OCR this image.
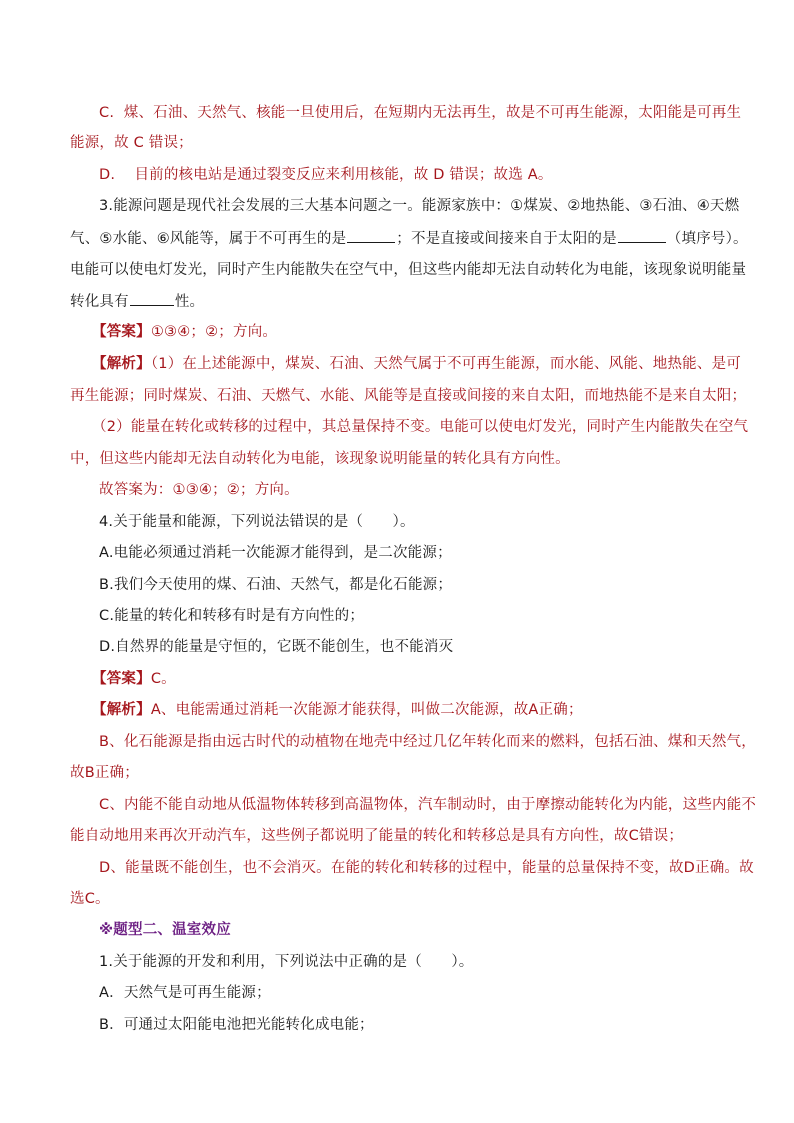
C. 煤、石油、天然气、核能一旦使用后，在短期内无法再生，故是不可再生能源，太阳能是可再生
能源，故 C 错误；
D. 目前的核电站是通过裂变反应来利用核能，故 D 错误；故选 A。
3.能源问题是现代社会发展的三大基本问题之一。能源家族中：①煤炭、②地热能、③石油、④天燃
气、⑤水能、⑥风能等，属于不可再生的是	；不是直接或间接来自于太阳的是	（填序号）。
电能可以使电灯发光，同时产生内能散失在空气中，但这些内能却无法自动转化为电能，该现象说明能量
转化具有	性。
【答案】①③④；②；方向。
【解析】（1）在上述能源中，煤炭、石油、天然气属于不可再生能源，而水能、风能、地热能、是可
再生能源；同时煤炭、石油、天燃气、水能、风能等是直接或间接的来自太阳，而地热能不是来自太阳；
（2）能量在转化或转移的过程中，其总量保持不变。电能可以使电灯发光，同时产生内能散失在空气
中，但这些内能却无法自动转化为电能，该现象说明能量的转化具有方向性。
故答案为：①③④；②；方向。
4.关于能量和能源，下列说法错误的是（　　）。
A.电能必须通过消耗一次能源才能得到，是二次能源；
B.我们今天使用的煤、石油、天然气，都是化石能源；
C.能量的转化和转移有时是有方向性的；
D.自然界的能量是守恒的，它既不能创生，也不能消灭
【答案】C。
【解析】A、电能需通过消耗一次能源才能获得，叫做二次能源，故A正确；
B、化石能源是指由远古时代的动植物在地壳中经过几亿年转化而来的燃料，包括石油、煤和天然气，
故B正确；
C、内能不能自动地从低温物体转移到高温物体，汽车制动时，由于摩擦动能转化为内能，这些内能不
能自动地用来再次开动汽车，这些例子都说明了能量的转化和转移总是具有方向性，故C错误；
D、能量既不能创生，也不会消灭。在能的转化和转移的过程中，能量的总量保持不变，故D正确。故
选C。
※题型二、温室效应
1.关于能源的开发和利用，下列说法中正确的是（　　）。
A．天然气是可再生能源；
B．可通过太阳能电池把光能转化成电能；
